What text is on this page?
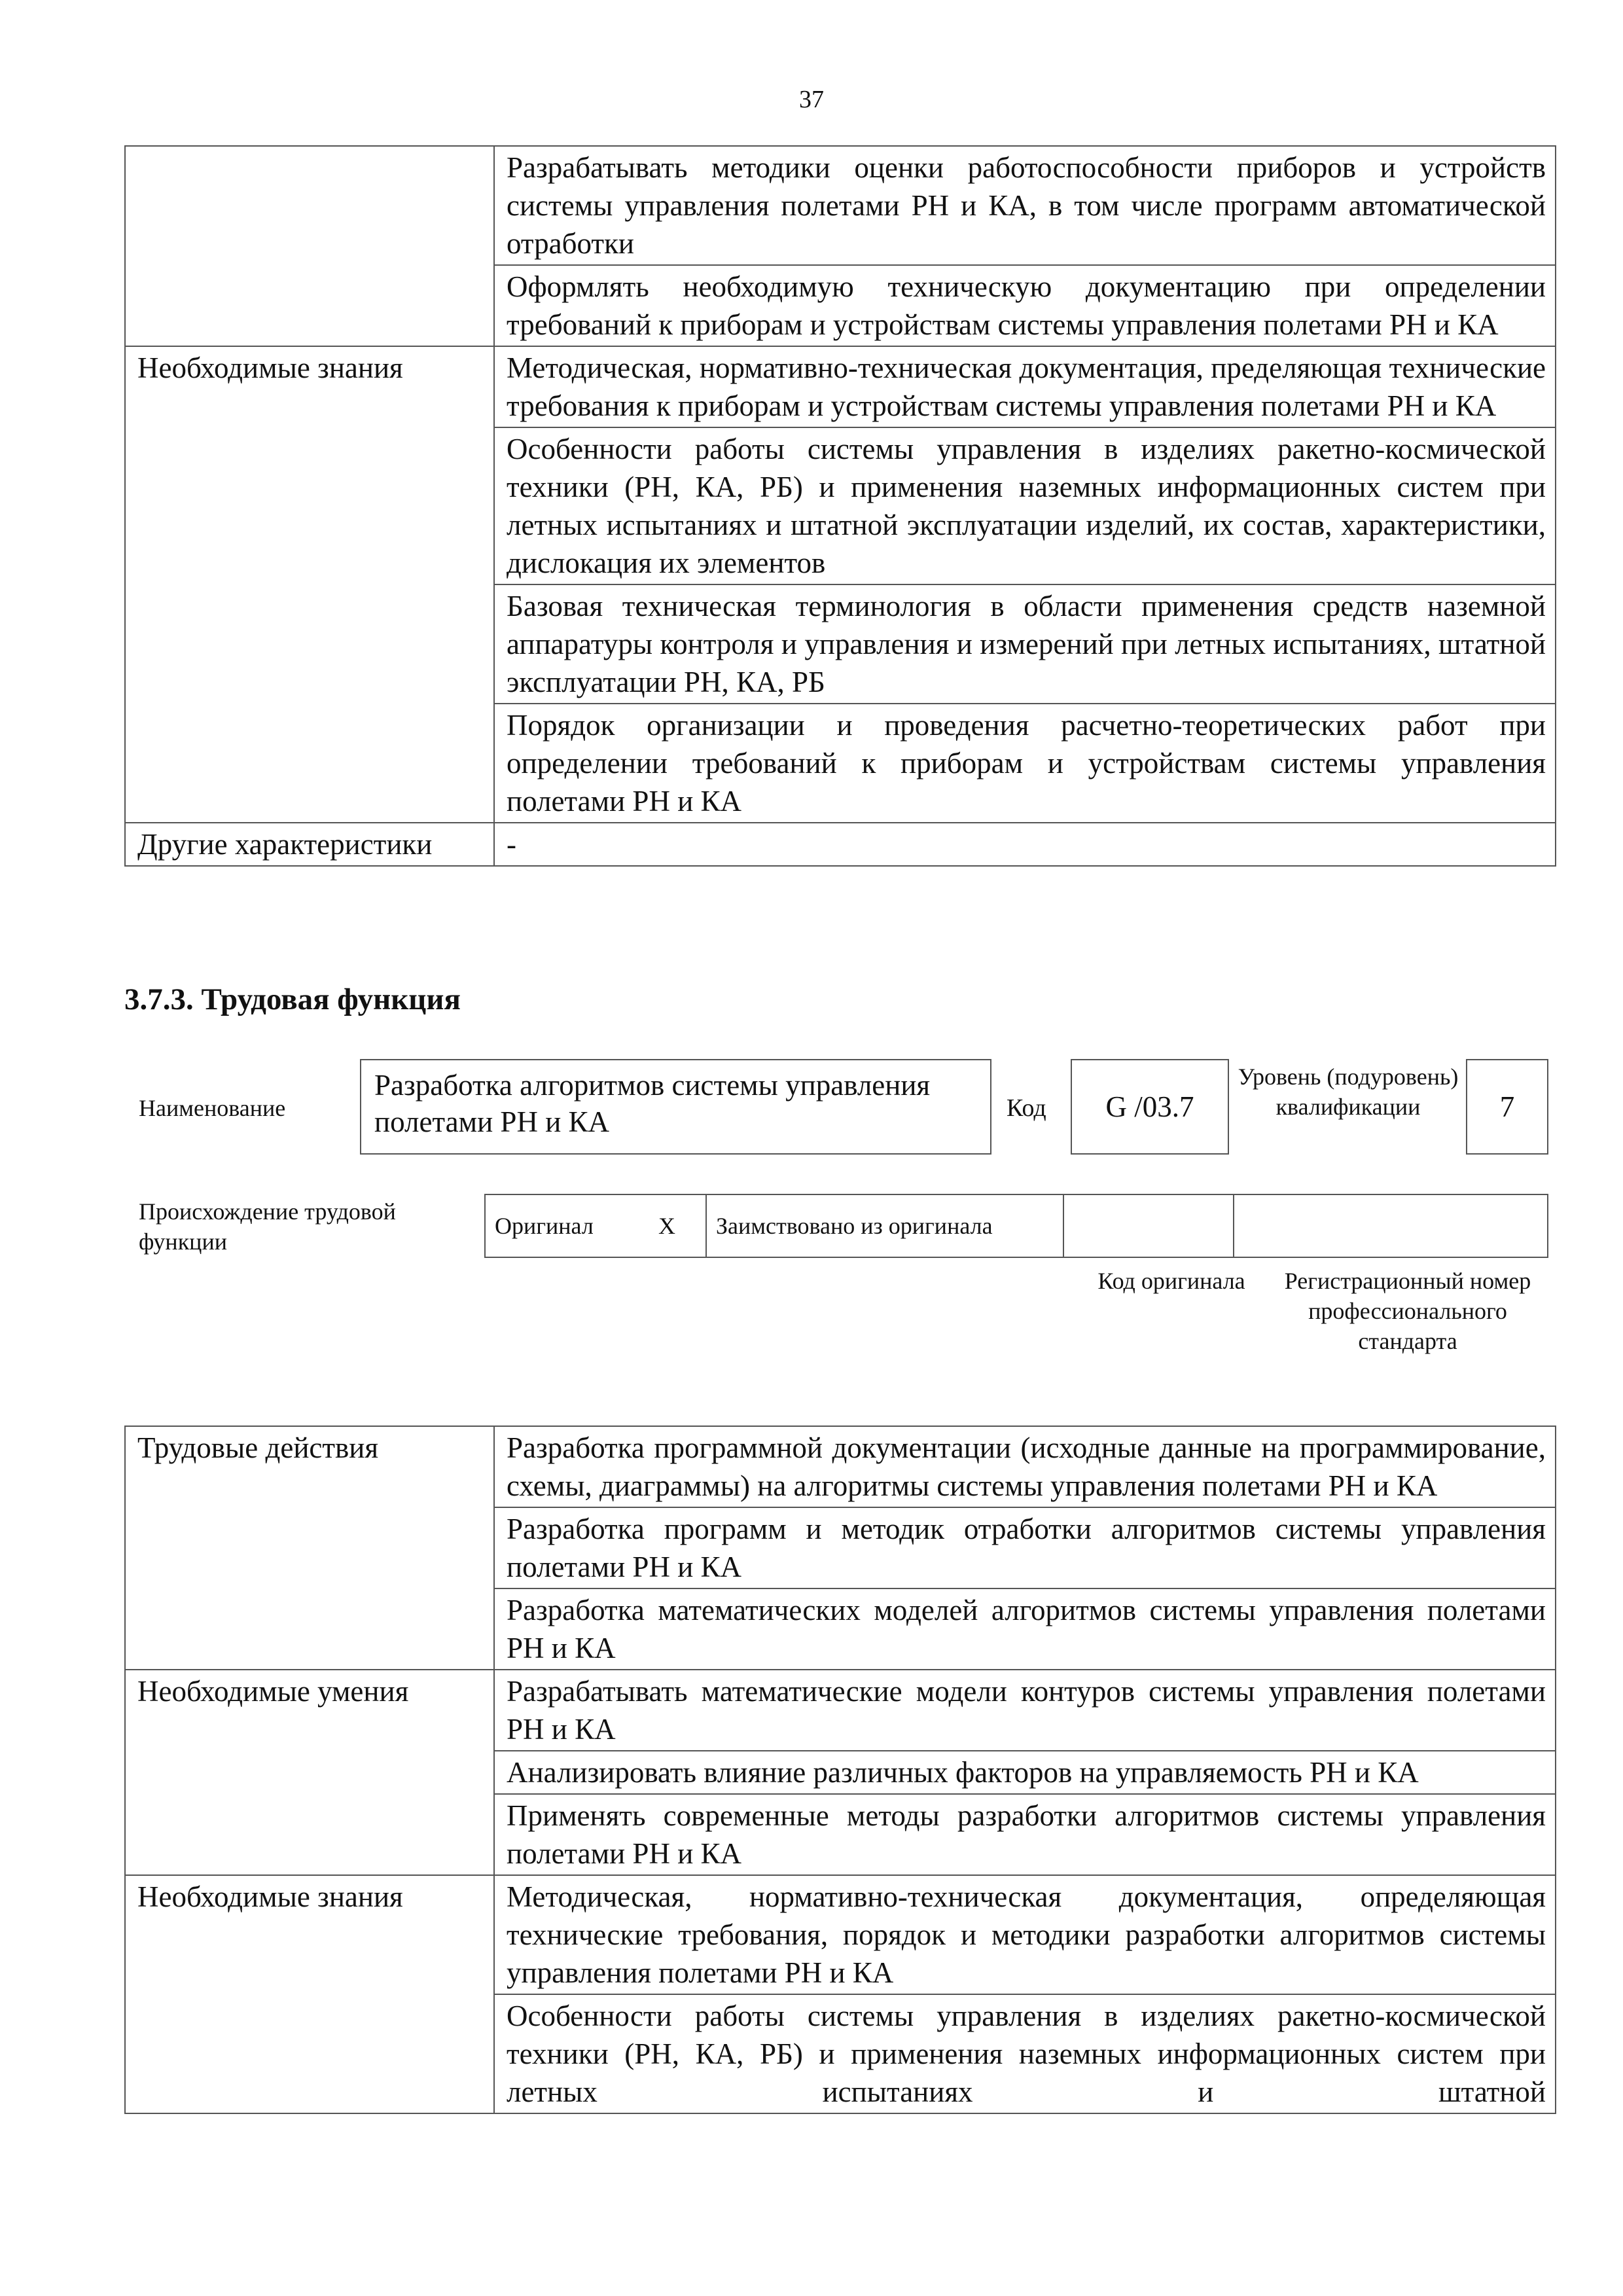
37
	Разрабатывать методики оценки работоспособности приборов и устройств системы управления полетами РН и КА, в том числе программ автоматической отработки
	Оформлять необходимую техническую документацию при определении требований к приборам и устройствам системы управления полетами РН и КА
Необходимые знания	Методическая, нормативно-техническая документация, пределяющая технические требования к приборам и устройствам системы управления полетами РН и КА
	Особенности работы системы управления в изделиях ракетно-космической техники (РН, КА, РБ) и применения наземных информационных систем при летных испытаниях и штатной эксплуатации изделий, их состав, характеристики, дислокация их элементов
	Базовая техническая терминология в области применения средств наземной аппаратуры контроля и управления и измерений при летных испытаниях, штатной эксплуатации РН, КА, РБ
	Порядок организации и проведения расчетно-теоретических работ при определении требований к приборам и устройствам системы управления полетами РН и КА
Другие характеристики	-
3.7.3. Трудовая функция
Наименование
Разработка алгоритмов системы управления полетами РН и КА	Код	G /03.7
Уровень (подуровень) квалификации	7
Происхождение трудовой функции
Оригинал	X	Заимствовано из оригинала		
Код оригинала	Регистрационный номер профессионального стандарта
Трудовые действия	Разработка программной документации (исходные данные на программирование, схемы, диаграммы) на алгоритмы системы управления полетами РН и КА
	Разработка программ и методик отработки алгоритмов системы управления полетами РН и КА
	Разработка математических моделей алгоритмов системы управления полетами РН и КА
Необходимые умения	Разрабатывать математические модели контуров системы управления полетами РН и КА
	Анализировать влияние различных факторов на управляемость РН и КА
	Применять современные методы разработки алгоритмов системы управления полетами РН и КА
Необходимые знания	Методическая, нормативно-техническая документация, определяющая технические требования, порядок и методики разработки алгоритмов системы управления полетами РН и КА
	Особенности работы системы управления в изделиях ракетно-космической техники (РН, КА, РБ) и применения наземных информационных систем при летных испытаниях и штатной
